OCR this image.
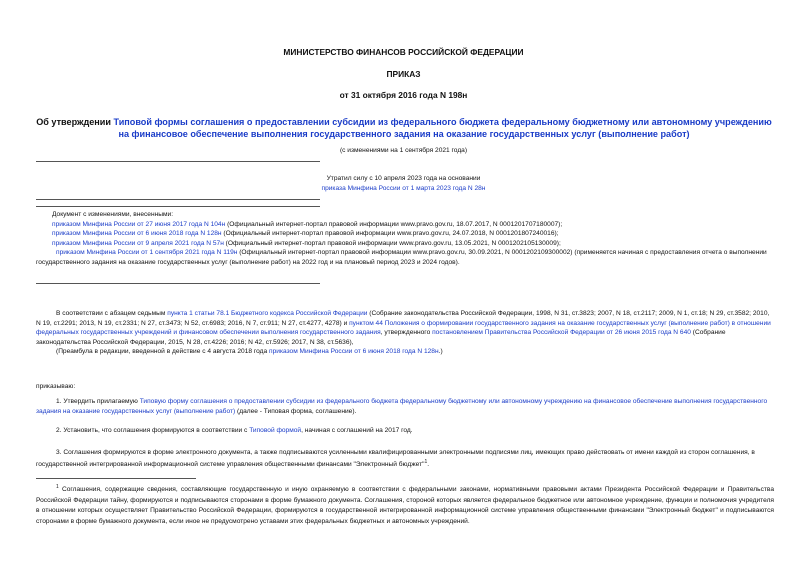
МИНИСТЕРСТВО ФИНАНСОВ РОССИЙСКОЙ ФЕДЕРАЦИИ
ПРИКАЗ
от 31 октября 2016 года N 198н
Об утверждении Типовой формы соглашения о предоставлении субсидии из федерального бюджета федеральному бюджетному или автономному учреждению на финансовое обеспечение выполнения государственного задания на оказание государственных услуг (выполнение работ)
(с изменениями на 1 сентября 2021 года)
Утратил силу с 10 апреля 2023 года на основании
приказа Минфина России от 1 марта 2023 года N 28н
Документ с изменениями, внесенными:
приказом Минфина России от 27 июня 2017 года N 104н (Официальный интернет-портал правовой информации www.pravo.gov.ru, 18.07.2017, N 0001201707180007);
приказом Минфина России от 6 июня 2018 года N 128н (Официальный интернет-портал правовой информации www.pravo.gov.ru, 24.07.2018, N 0001201807240016);
приказом Минфина России от 9 апреля 2021 года N 57н (Официальный интернет-портал правовой информации www.pravo.gov.ru, 13.05.2021, N 0001202105130009);
приказом Минфина России от 1 сентября 2021 года N 119н (Официальный интернет-портал правовой информации www.pravo.gov.ru, 30.09.2021, N 0001202109300002) (применяется начиная с предоставления отчета о выполнении государственного задания на оказание государственных услуг (выполнение работ) на 2022 год и на плановый период 2023 и 2024 годов).
В соответствии с абзацем седьмым пункта 1 статьи 78.1 Бюджетного кодекса Российской Федерации (Собрание законодательства Российской Федерации, 1998, N 31, ст.3823; 2007, N 18, ст.2117; 2009, N 1, ст.18; N 29, ст.3582; 2010, N 19, ст.2291; 2013, N 19, ст.2331; N 27, ст.3473; N 52, ст.6983; 2016, N 7, ст.911; N 27, ст.4277, 4278) и пунктом 44 Положения о формировании государственного задания на оказание государственных услуг (выполнение работ) в отношении федеральных государственных учреждений и финансовом обеспечении выполнения государственного задания, утвержденного постановлением Правительства Российской Федерации от 26 июня 2015 года N 640 (Собрание законодательства Российской Федерации, 2015, N 28, ст.4226; 2016; N 42, ст.5926; 2017, N 38, ст.5636),
(Преамбула в редакции, введенной в действие с 4 августа 2018 года приказом Минфина России от 6 июня 2018 года N 128н.)
приказываю:
1. Утвердить прилагаемую Типовую форму соглашения о предоставлении субсидии из федерального бюджета федеральному бюджетному или автономному учреждению на финансовое обеспечение выполнения государственного задания на оказание государственных услуг (выполнение работ) (далее - Типовая форма, соглашение).
2. Установить, что соглашения формируются в соответствии с Типовой формой, начиная с соглашений на 2017 год.
3. Соглашения формируются в форме электронного документа, а также подписываются усиленными квалифицированными электронными подписями лиц, имеющих право действовать от имени каждой из сторон соглашения, в государственной интегрированной информационной системе управления общественными финансами "Электронный бюджет"$^1$.
$^1$ Соглашения, содержащие сведения, составляющие государственную и иную охраняемую в соответствии с федеральными законами, нормативными правовыми актами Президента Российской Федерации и Правительства Российской Федерации тайну, формируются и подписываются сторонами в форме бумажного документа. Соглашения, стороной которых является федеральное бюджетное или автономное учреждение, функции и полномочия учредителя в отношении которых осуществляет Правительство Российской Федерации, формируются в государственной интегрированной информационной системе управления общественными финансами "Электронный бюджет" и подписываются сторонами в форме бумажного документа, если иное не предусмотрено уставами этих федеральных бюджетных и автономных учреждений.
